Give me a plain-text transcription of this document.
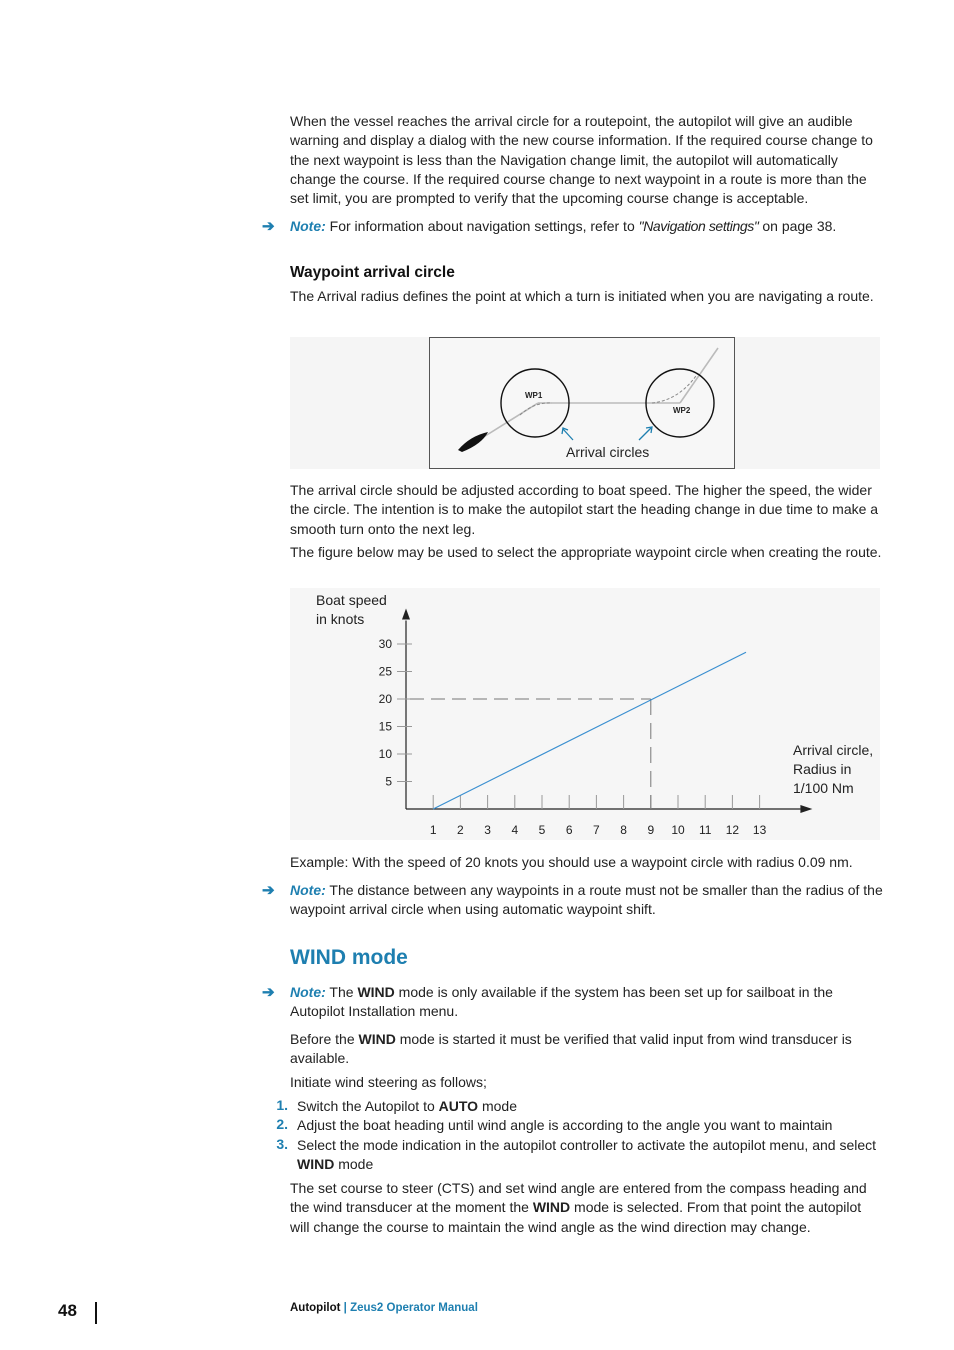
When the vessel reaches the arrival circle for a routepoint, the autopilot will give an audible warning and display a dialog with the new course information. If the required course change to the next waypoint is less than the Navigation change limit, the autopilot will automatically change the course. If the required course change to next waypoint in a route is more than the set limit, you are prompted to verify that the upcoming course change is acceptable.

➔ Note: For information about navigation settings, refer to "Navigation settings" on page 38.

Waypoint arrival circle

The Arrival radius defines the point at which a turn is initiated when you are navigating a route.

WP1
WP2
Arrival circles

The arrival circle should be adjusted according to boat speed. The higher the speed, the wider the circle. The intention is to make the autopilot start the heading change in due time to make a smooth turn onto the next leg.

The figure below may be used to select the appropriate waypoint circle when creating the route.

Boat speed
in knots
Arrival circle,
Radius in
1/100 Nm
5
10
15
20
25
30
1 2 3 4 5 6 7 8 9 10 11 12 13

Example: With the speed of 20 knots you should use a waypoint circle with radius 0.09 nm.

➔ Note: The distance between any waypoints in a route must not be smaller than the radius of the waypoint arrival circle when using automatic waypoint shift.

WIND mode
➔ Note: The WIND mode is only available if the system has been set up for sailboat in the Autopilot Installation menu.

Before the WIND mode is started it must be verified that valid input from wind transducer is available.

Initiate wind steering as follows;

1. Switch the Autopilot to AUTO mode
2. Adjust the boat heading until wind angle is according to the angle you want to maintain
3. Select the mode indication in the autopilot controller to activate the autopilot menu, and select WIND mode

The set course to steer (CTS) and set wind angle are entered from the compass heading and the wind transducer at the moment the WIND mode is selected. From that point the autopilot will change the course to maintain the wind angle as the wind direction may change.

48	Autopilot | Zeus2 Operator Manual
